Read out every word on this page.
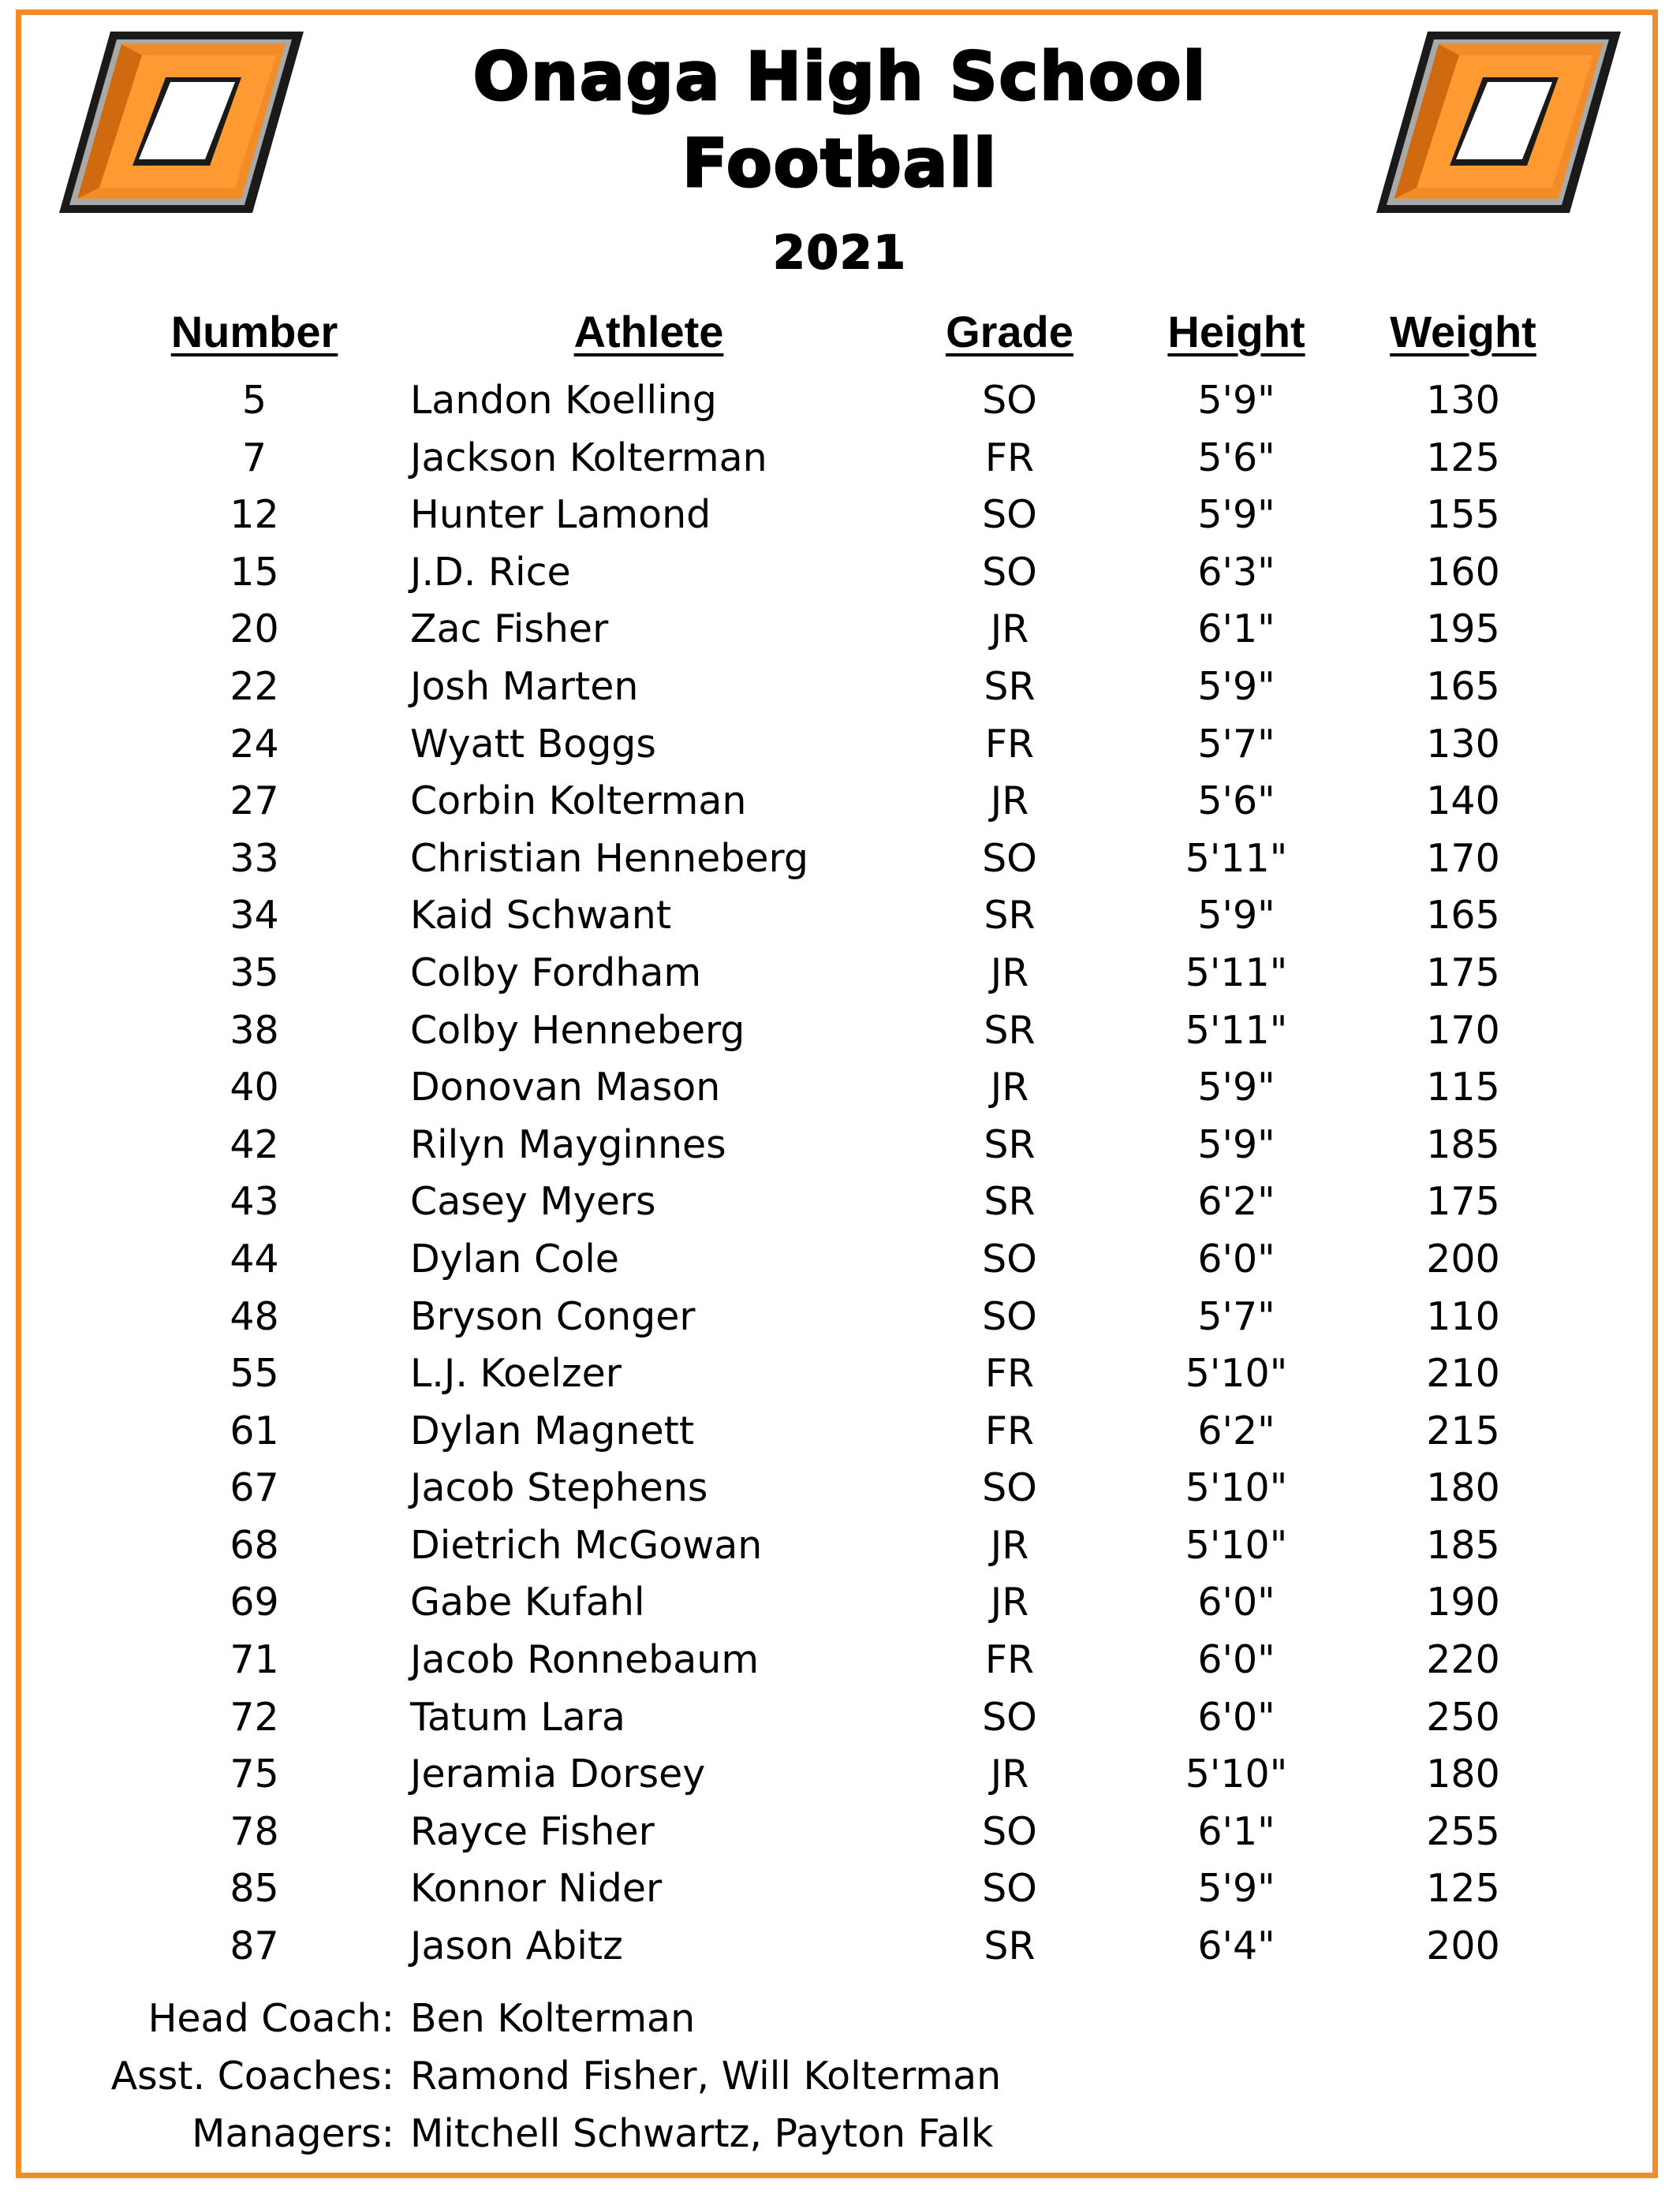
Onaga High School
Football
2021
Number	Athlete	Grade	Height	Weight
5	Landon Koelling	SO	5'9"	130
7	Jackson Kolterman	FR	5'6"	125
12	Hunter Lamond	SO	5'9"	155
15	J.D. Rice	SO	6'3"	160
20	Zac Fisher	JR	6'1"	195
22	Josh Marten	SR	5'9"	165
24	Wyatt Boggs	FR	5'7"	130
27	Corbin Kolterman	JR	5'6"	140
33	Christian Henneberg	SO	5'11"	170
34	Kaid Schwant	SR	5'9"	165
35	Colby Fordham	JR	5'11"	175
38	Colby Henneberg	SR	5'11"	170
40	Donovan Mason	JR	5'9"	115
42	Rilyn Mayginnes	SR	5'9"	185
43	Casey Myers	SR	6'2"	175
44	Dylan Cole	SO	6'0"	200
48	Bryson Conger	SO	5'7"	110
55	L.J. Koelzer	FR	5'10"	210
61	Dylan Magnett	FR	6'2"	215
67	Jacob Stephens	SO	5'10"	180
68	Dietrich McGowan	JR	5'10"	185
69	Gabe Kufahl	JR	6'0"	190
71	Jacob Ronnebaum	FR	6'0"	220
72	Tatum Lara	SO	6'0"	250
75	Jeramia Dorsey	JR	5'10"	180
78	Rayce Fisher	SO	6'1"	255
85	Konnor Nider	SO	5'9"	125
87	Jason Abitz	SR	6'4"	200
Head Coach: Ben Kolterman
Asst. Coaches: Ramond Fisher, Will Kolterman
Managers: Mitchell Schwartz, Payton Falk
